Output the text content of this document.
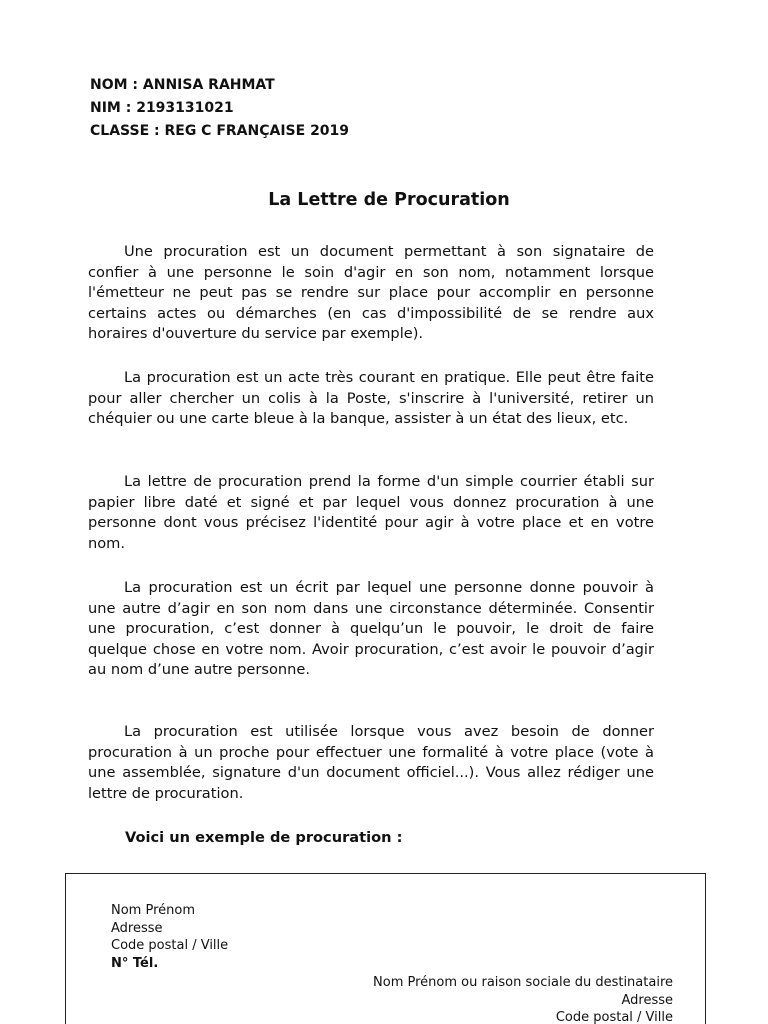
NOM : ANNISA RAHMAT
NIM : 2193131021
CLASSE : REG C FRANÇAISE 2019
La Lettre de Procuration

Une procuration est un document permettant à son signataire de confier à une personne le soin d'agir en son nom, notamment lorsque l'émetteur ne peut pas se rendre sur place pour accomplir en personne certains actes ou démarches (en cas d'impossibilité de se rendre aux horaires d'ouverture du service par exemple).

La procuration est un acte très courant en pratique. Elle peut être faite pour aller chercher un colis à la Poste, s'inscrire à l'université, retirer un chéquier ou une carte bleue à la banque, assister à un état des lieux, etc.

La lettre de procuration prend la forme d'un simple courrier établi sur papier libre daté et signé et par lequel vous donnez procuration à une personne dont vous précisez l'identité pour agir à votre place et en votre nom.

La procuration est un écrit par lequel une personne donne pouvoir à une autre d’agir en son nom dans une circonstance déterminée. Consentir une procuration, c’est donner à quelqu’un le pouvoir, le droit de faire quelque chose en votre nom. Avoir procuration, c’est avoir le pouvoir d’agir au nom d’une autre personne.

La procuration est utilisée lorsque vous avez besoin de donner procuration à un proche pour effectuer une formalité à votre place (vote à une assemblée, signature d'un document officiel...). Vous allez rédiger une lettre de procuration.

Voici un exemple de procuration :
Nom Prénom
Adresse
Code postal / Ville
N° Tél.
Nom Prénom ou raison sociale du destinataire
Adresse
Code postal / Ville
